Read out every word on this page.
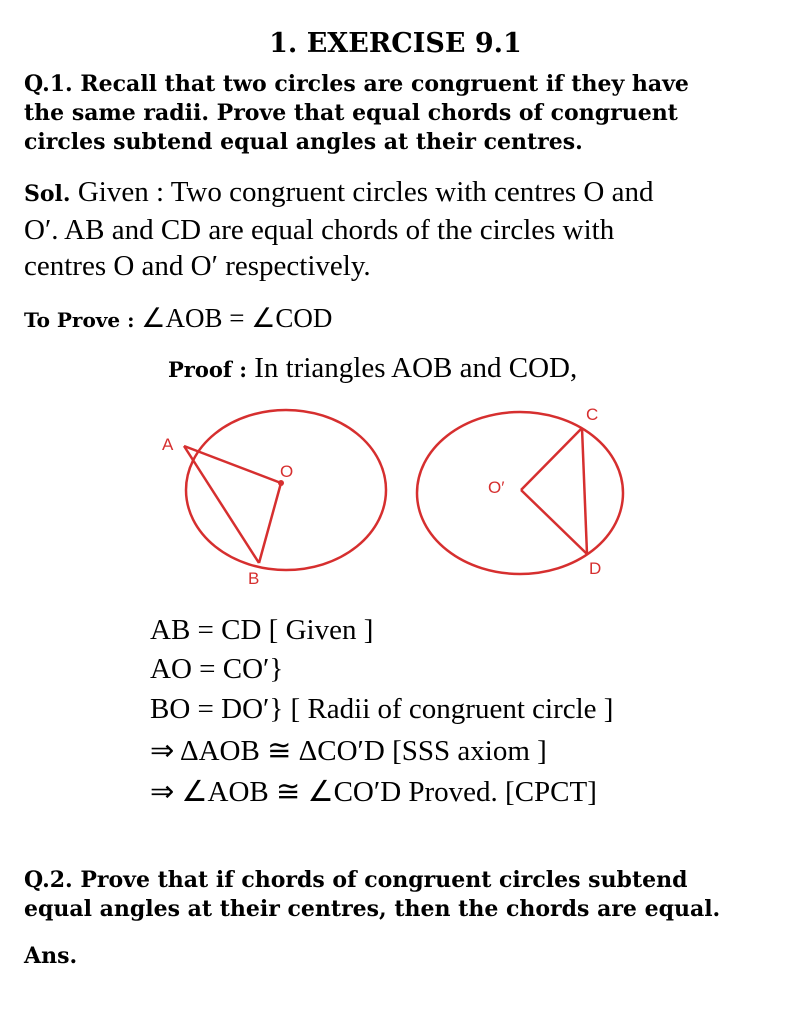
1. EXERCISE 9.1
Q.1. Recall that two circles are congruent if they have
the same radii. Prove that equal chords of congruent
circles subtend equal angles at their centres.
Sol. Given : Two congruent circles with centres O and
O′. AB and CD are equal chords of the circles with
centres O and O′ respectively.
To Prove : ∠AOB = ∠COD
Proof : In triangles AOB and COD,
A
B
O
C
D
O′
AB = CD [ Given ]
AO = CO′}
BO = DO′} [ Radii of congruent circle ]
⇒ ΔAOB ≅ ΔCO′D [SSS axiom ]
⇒ ∠AOB ≅ ∠CO′D Proved. [CPCT]
Q.2. Prove that if chords of congruent circles subtend
equal angles at their centres, then the chords are equal.
Ans.
